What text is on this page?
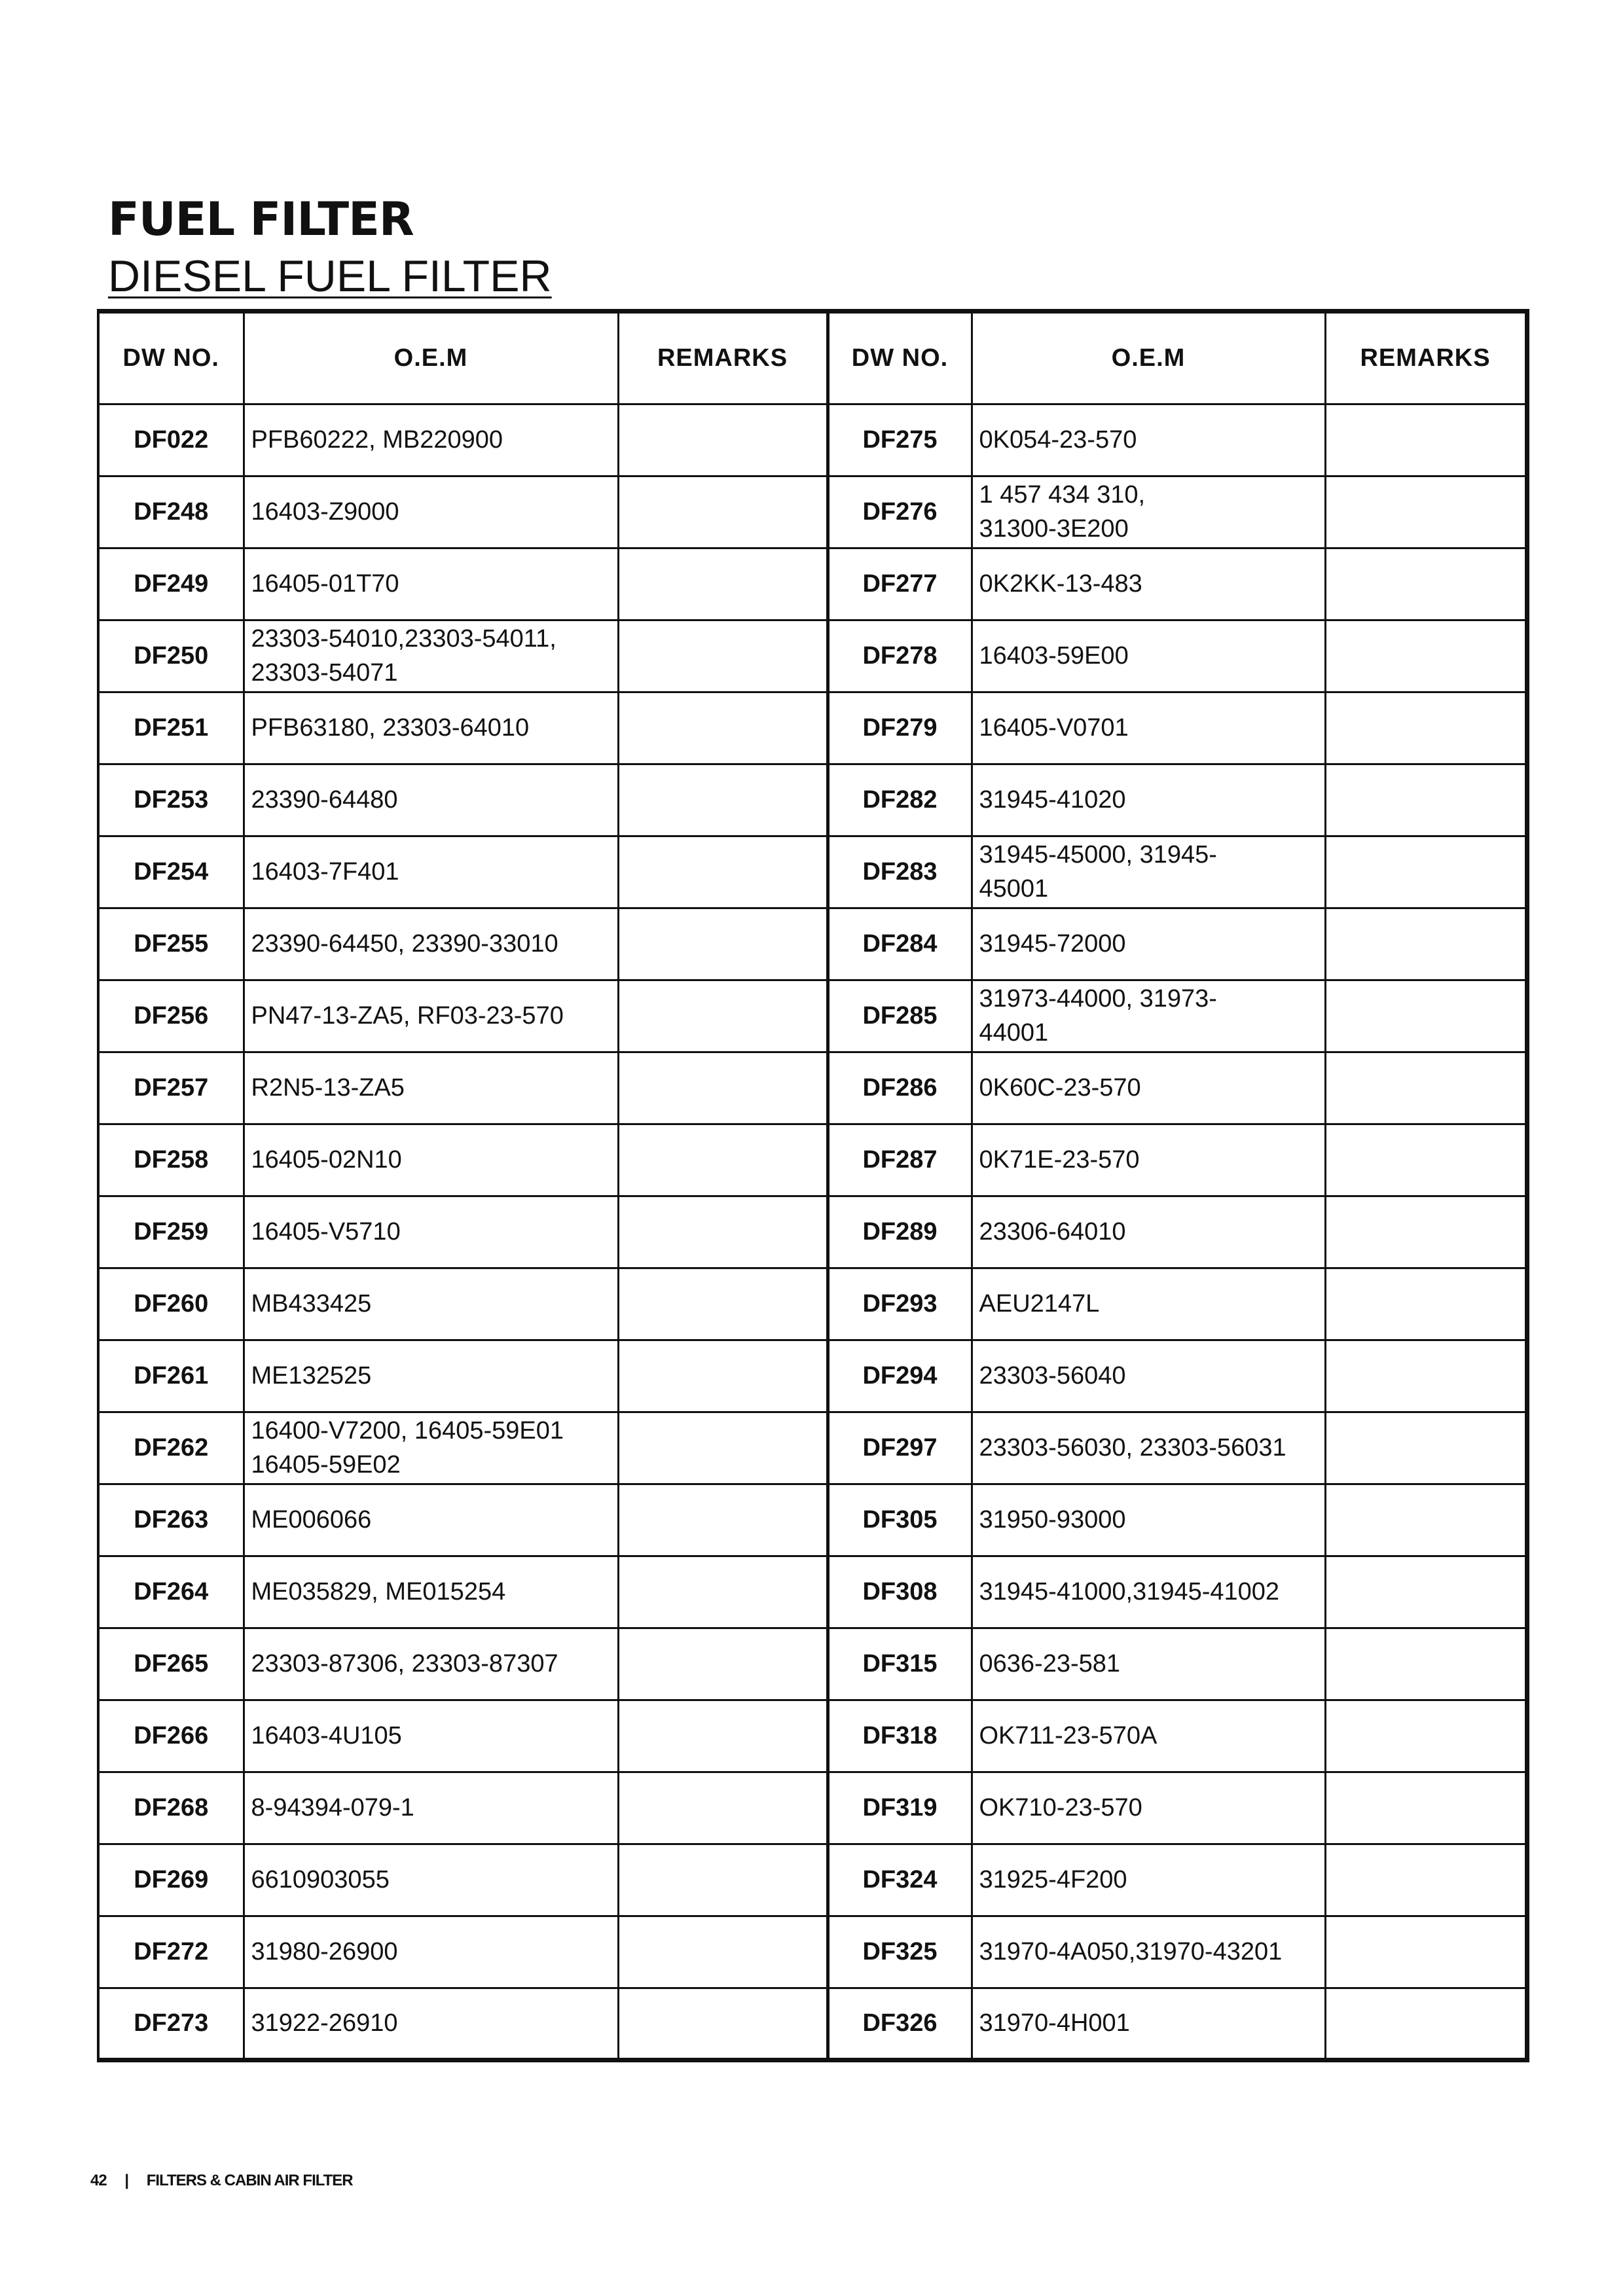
FUEL FILTER
DIESEL FUEL FILTER
DW NO.	O.E.M	REMARKS	DW NO.	O.E.M	REMARKS
DF022	PFB60222, MB220900		DF275	0K054-23-570	
DF248	16403-Z9000		DF276	1 457 434 310,
31300-3E200	
DF249	16405-01T70		DF277	0K2KK-13-483	
DF250	23303-54010,23303-54011,
23303-54071		DF278	16403-59E00	
DF251	PFB63180, 23303-64010		DF279	16405-V0701	
DF253	23390-64480		DF282	31945-41020	
DF254	16403-7F401		DF283	31945-45000, 31945-
45001	
DF255	23390-64450, 23390-33010		DF284	31945-72000	
DF256	PN47-13-ZA5, RF03-23-570		DF285	31973-44000, 31973-
44001	
DF257	R2N5-13-ZA5		DF286	0K60C-23-570	
DF258	16405-02N10		DF287	0K71E-23-570	
DF259	16405-V5710		DF289	23306-64010	
DF260	MB433425		DF293	AEU2147L	
DF261	ME132525		DF294	23303-56040	
DF262	16400-V7200, 16405-59E01
16405-59E02		DF297	23303-56030, 23303-56031	
DF263	ME006066		DF305	31950-93000	
DF264	ME035829, ME015254		DF308	31945-41000,31945-41002	
DF265	23303-87306, 23303-87307		DF315	0636-23-581	
DF266	16403-4U105		DF318	OK711-23-570A	
DF268	8-94394-079-1		DF319	OK710-23-570	
DF269	6610903055		DF324	31925-4F200	
DF272	31980-26900		DF325	31970-4A050,31970-43201	
DF273	31922-26910		DF326	31970-4H001	
42 | FILTERS & CABIN AIR FILTER
